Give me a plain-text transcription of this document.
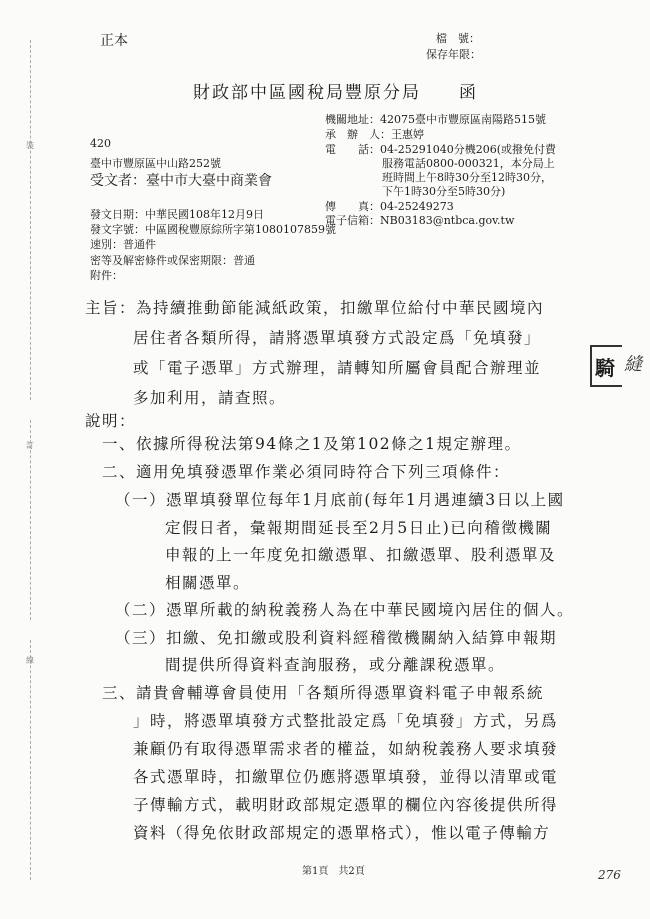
正本	檔　號：
保存年限：
財政部中區國稅局豐原分局　　函
機關地址：42075臺中市豐原區南陽路515號
承　辦　人：王惠婷
電　　話：04-25291040分機206(或撥免付費
服務電話0800-000321，本分局上
班時間上午8時30分至12時30分，
下午1時30分至5時30分)
傳　　真：04-25249273
電子信箱：NB03183@ntbca.gov.tw
420
臺中市豐原區中山路252號
受文者：臺中市大臺中商業會
發文日期：中華民國108年12月9日
發文字號：中區國稅豐原綜所字第1080107859號
速別：普通件
密等及解密條件或保密期限：普通
附件：
主旨：為持續推動節能減紙政策，扣繳單位給付中華民國境內
居住者各類所得，請將憑單填發方式設定爲「免填發」
或「電子憑單」方式辦理，請轉知所屬會員配合辦理並
多加利用，請查照。
說明：
一、依據所得稅法第94條之1及第102條之1規定辦理。
二、適用免填發憑單作業必須同時符合下列三項條件：
（一）憑單填發單位每年1月底前(每年1月遇連續3日以上國
定假日者，彙報期間延長至2月5日止)已向稽徵機關
申報的上一年度免扣繳憑單、扣繳憑單、股利憑單及
相關憑單。
（二）憑單所載的納稅義務人為在中華民國境內居住的個人。
（三）扣繳、免扣繳或股利資料經稽徵機關納入結算申報期
間提供所得資料查詢服務，或分離課稅憑單。
三、請貴會輔導會員使用「各類所得憑單資料電子申報系統
」時，將憑單填發方式整批設定爲「免填發」方式，另爲
兼顧仍有取得憑單需求者的權益，如納稅義務人要求填發
各式憑單時，扣繳單位仍應將憑單填發，並得以清單或電
子傳輸方式，載明財政部規定憑單的欄位內容後提供所得
資料（得免依財政部規定的憑單格式），惟以電子傳輸方
騎 縫
裝
訂
線
第1頁　共2頁	276
